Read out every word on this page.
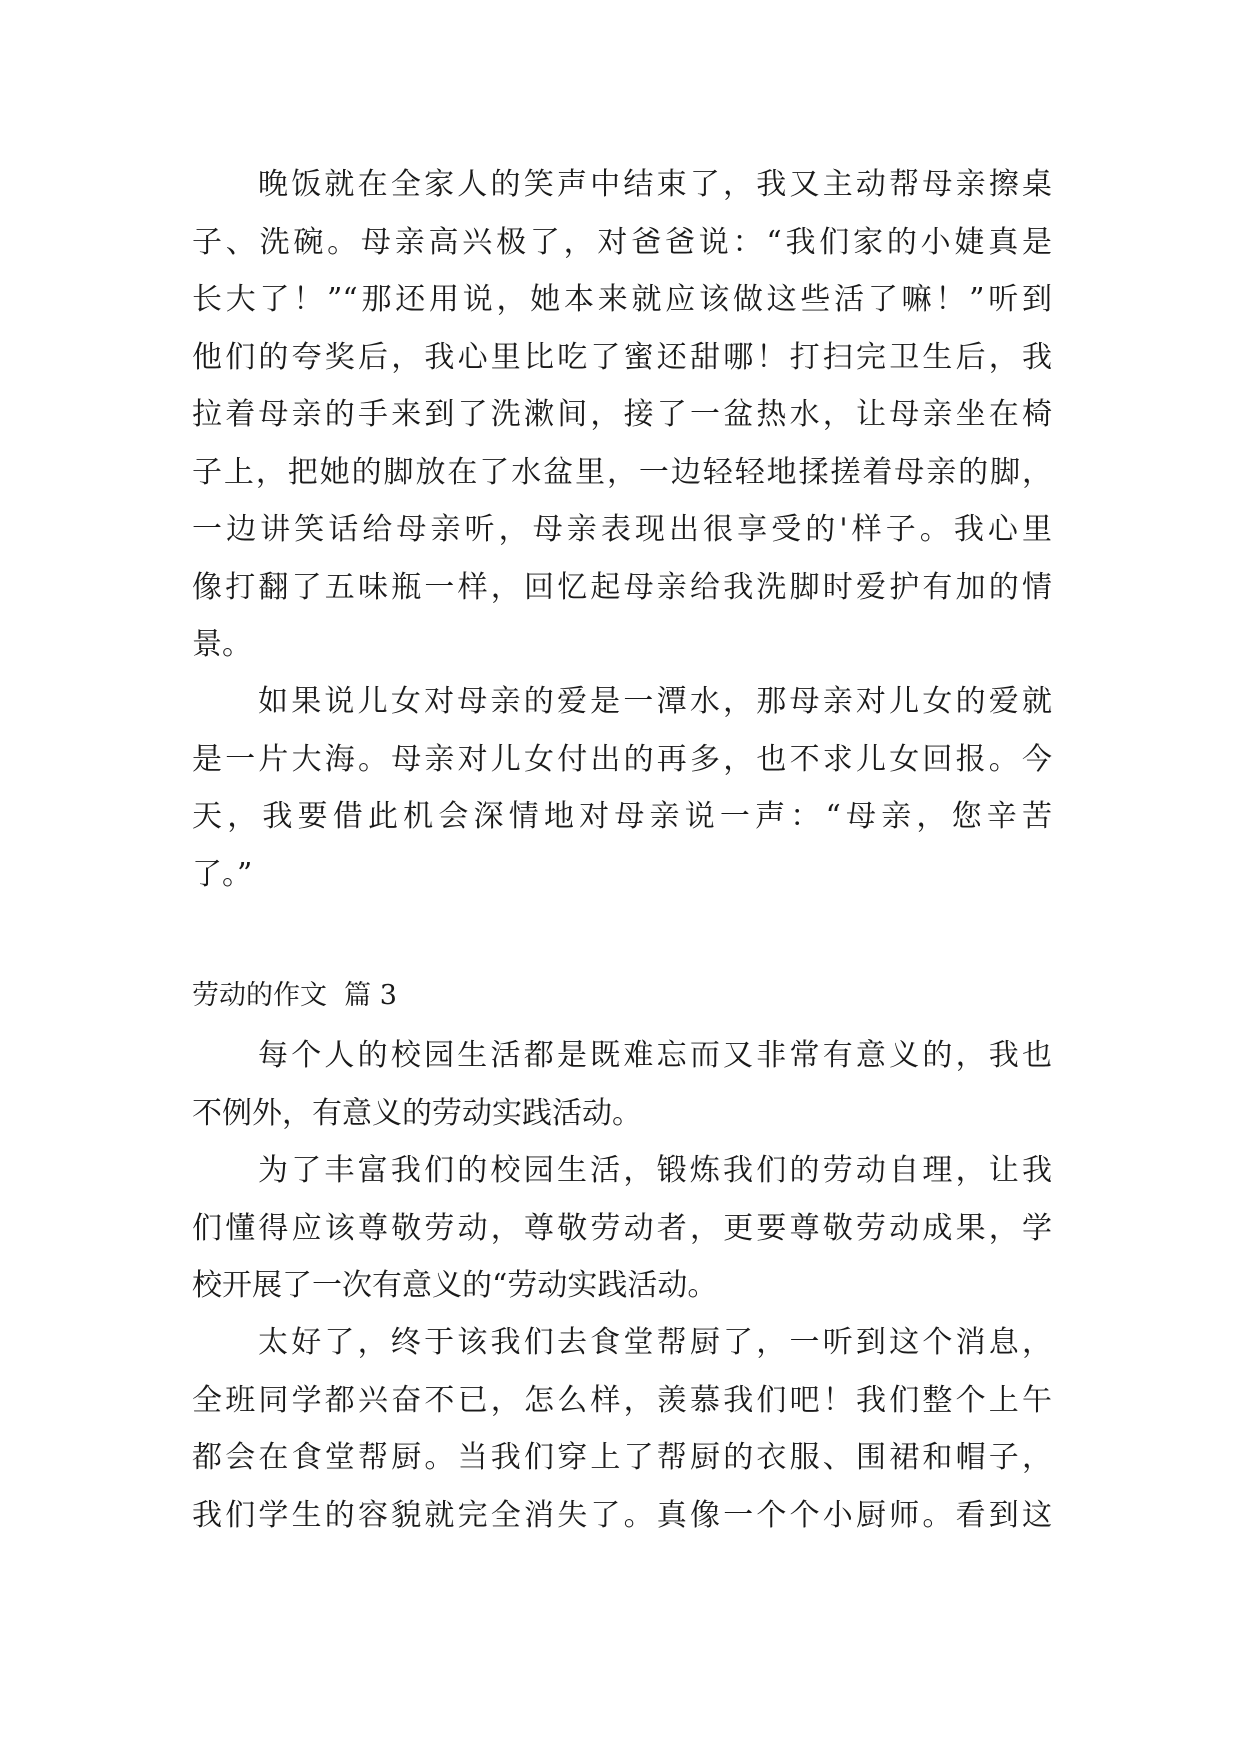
晚饭就在全家人的笑声中结束了，我又主动帮母亲擦桌
子、洗碗。母亲高兴极了，对爸爸说：“我们家的小婕真是
长大了！”“那还用说，她本来就应该做这些活了嘛！”听到
他们的夸奖后，我心里比吃了蜜还甜哪！打扫完卫生后，我
拉着母亲的手来到了洗漱间，接了一盆热水，让母亲坐在椅
子上，把她的脚放在了水盆里，一边轻轻地揉搓着母亲的脚，
一边讲笑话给母亲听，母亲表现出很享受的'样子。我心里
像打翻了五味瓶一样，回忆起母亲给我洗脚时爱护有加的情
景。
如果说儿女对母亲的爱是一潭水，那母亲对儿女的爱就
是一片大海。母亲对儿女付出的再多，也不求儿女回报。今
天，我要借此机会深情地对母亲说一声：“母亲，您辛苦
了。”
劳动的作文  篇 3
每个人的校园生活都是既难忘而又非常有意义的，我也
不例外，有意义的劳动实践活动。
为了丰富我们的校园生活，锻炼我们的劳动自理，让我
们懂得应该尊敬劳动，尊敬劳动者，更要尊敬劳动成果，学
校开展了一次有意义的“劳动实践活动。
太好了，终于该我们去食堂帮厨了，一听到这个消息，
全班同学都兴奋不已，怎么样，羡慕我们吧！我们整个上午
都会在食堂帮厨。当我们穿上了帮厨的衣服、围裙和帽子，
我们学生的容貌就完全消失了。真像一个个小厨师。看到这
